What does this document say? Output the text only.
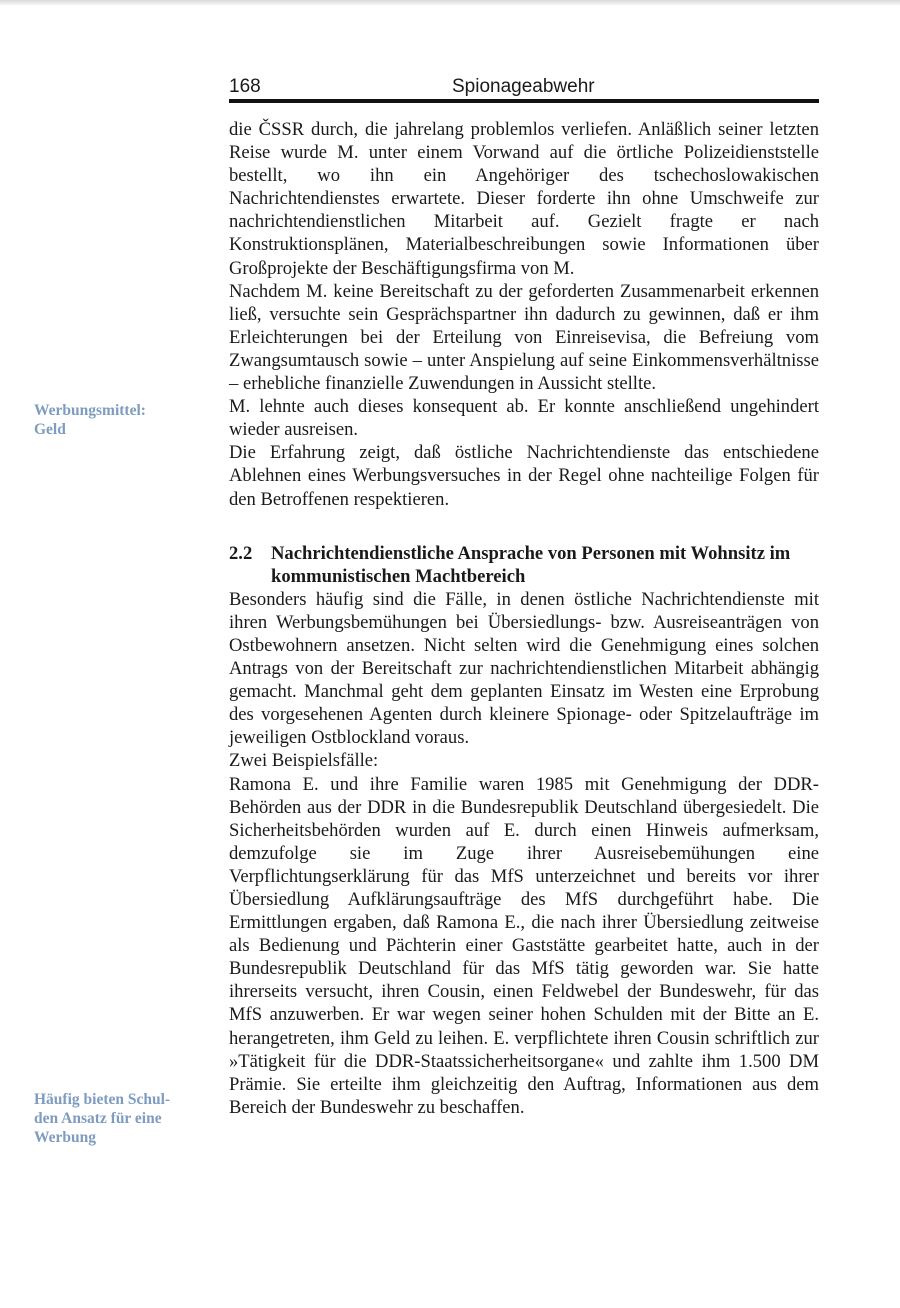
168	Spionageabwehr
Werbungsmittel:
Geld
Häufig bieten Schul-
den Ansatz für eine
Werbung

die ČSSR durch, die jahrelang problemlos verliefen. Anläßlich seiner letzten Reise wurde M. unter einem Vorwand auf die örtliche Polizeidienststelle bestellt, wo ihn ein Angehöriger des tschechoslowakischen Nachrichtendienstes erwartete. Dieser forderte ihn ohne Umschweife zur nachrichtendienstlichen Mitarbeit auf. Gezielt fragte er nach Konstruktionsplänen, Materialbeschreibungen sowie Informationen über Großprojekte der Beschäftigungsfirma von M.

Nachdem M. keine Bereitschaft zu der geforderten Zusammenarbeit erkennen ließ, versuchte sein Gesprächspartner ihn dadurch zu gewinnen, daß er ihm Erleichterungen bei der Erteilung von Einreisevisa, die Befreiung vom Zwangsumtausch sowie – unter Anspielung auf seine Einkommensverhältnisse – erhebliche finanzielle Zuwendungen in Aussicht stellte.

M. lehnte auch dieses konsequent ab. Er konnte anschließend ungehindert wieder ausreisen.

Die Erfahrung zeigt, daß östliche Nachrichtendienste das entschiedene Ablehnen eines Werbungsversuches in der Regel ohne nachteilige Folgen für den Betroffenen respektieren.

2.2	Nachrichtendienstliche Ansprache von Personen mit Wohnsitz im kommunistischen Machtbereich

Besonders häufig sind die Fälle, in denen östliche Nachrichtendienste mit ihren Werbungsbemühungen bei Übersiedlungs- bzw. Ausreiseanträgen von Ostbewohnern ansetzen. Nicht selten wird die Genehmigung eines solchen Antrags von der Bereitschaft zur nachrichtendienstlichen Mitarbeit abhängig gemacht. Manchmal geht dem geplanten Einsatz im Westen eine Erprobung des vorgesehenen Agenten durch kleinere Spionage- oder Spitzelaufträge im jeweiligen Ostblockland voraus.

Zwei Beispielsfälle:

Ramona E. und ihre Familie waren 1985 mit Genehmigung der DDR-Behörden aus der DDR in die Bundesrepublik Deutschland übergesiedelt. Die Sicherheitsbehörden wurden auf E. durch einen Hinweis aufmerksam, demzufolge sie im Zuge ihrer Ausreisebemühungen eine Verpflichtungserklärung für das MfS unterzeichnet und bereits vor ihrer Übersiedlung Aufklärungsaufträge des MfS durchgeführt habe. Die Ermittlungen ergaben, daß Ramona E., die nach ihrer Übersiedlung zeitweise als Bedienung und Pächterin einer Gaststätte gearbeitet hatte, auch in der Bundesrepublik Deutschland für das MfS tätig geworden war. Sie hatte ihrerseits versucht, ihren Cousin, einen Feldwebel der Bundeswehr, für das MfS anzuwerben. Er war wegen seiner hohen Schulden mit der Bitte an E. herangetreten, ihm Geld zu leihen. E. verpflichtete ihren Cousin schriftlich zur »Tätigkeit für die DDR-Staatssicherheitsorgane« und zahlte ihm 1.500 DM Prämie. Sie erteilte ihm gleichzeitig den Auftrag, Informationen aus dem Bereich der Bundeswehr zu beschaffen.
